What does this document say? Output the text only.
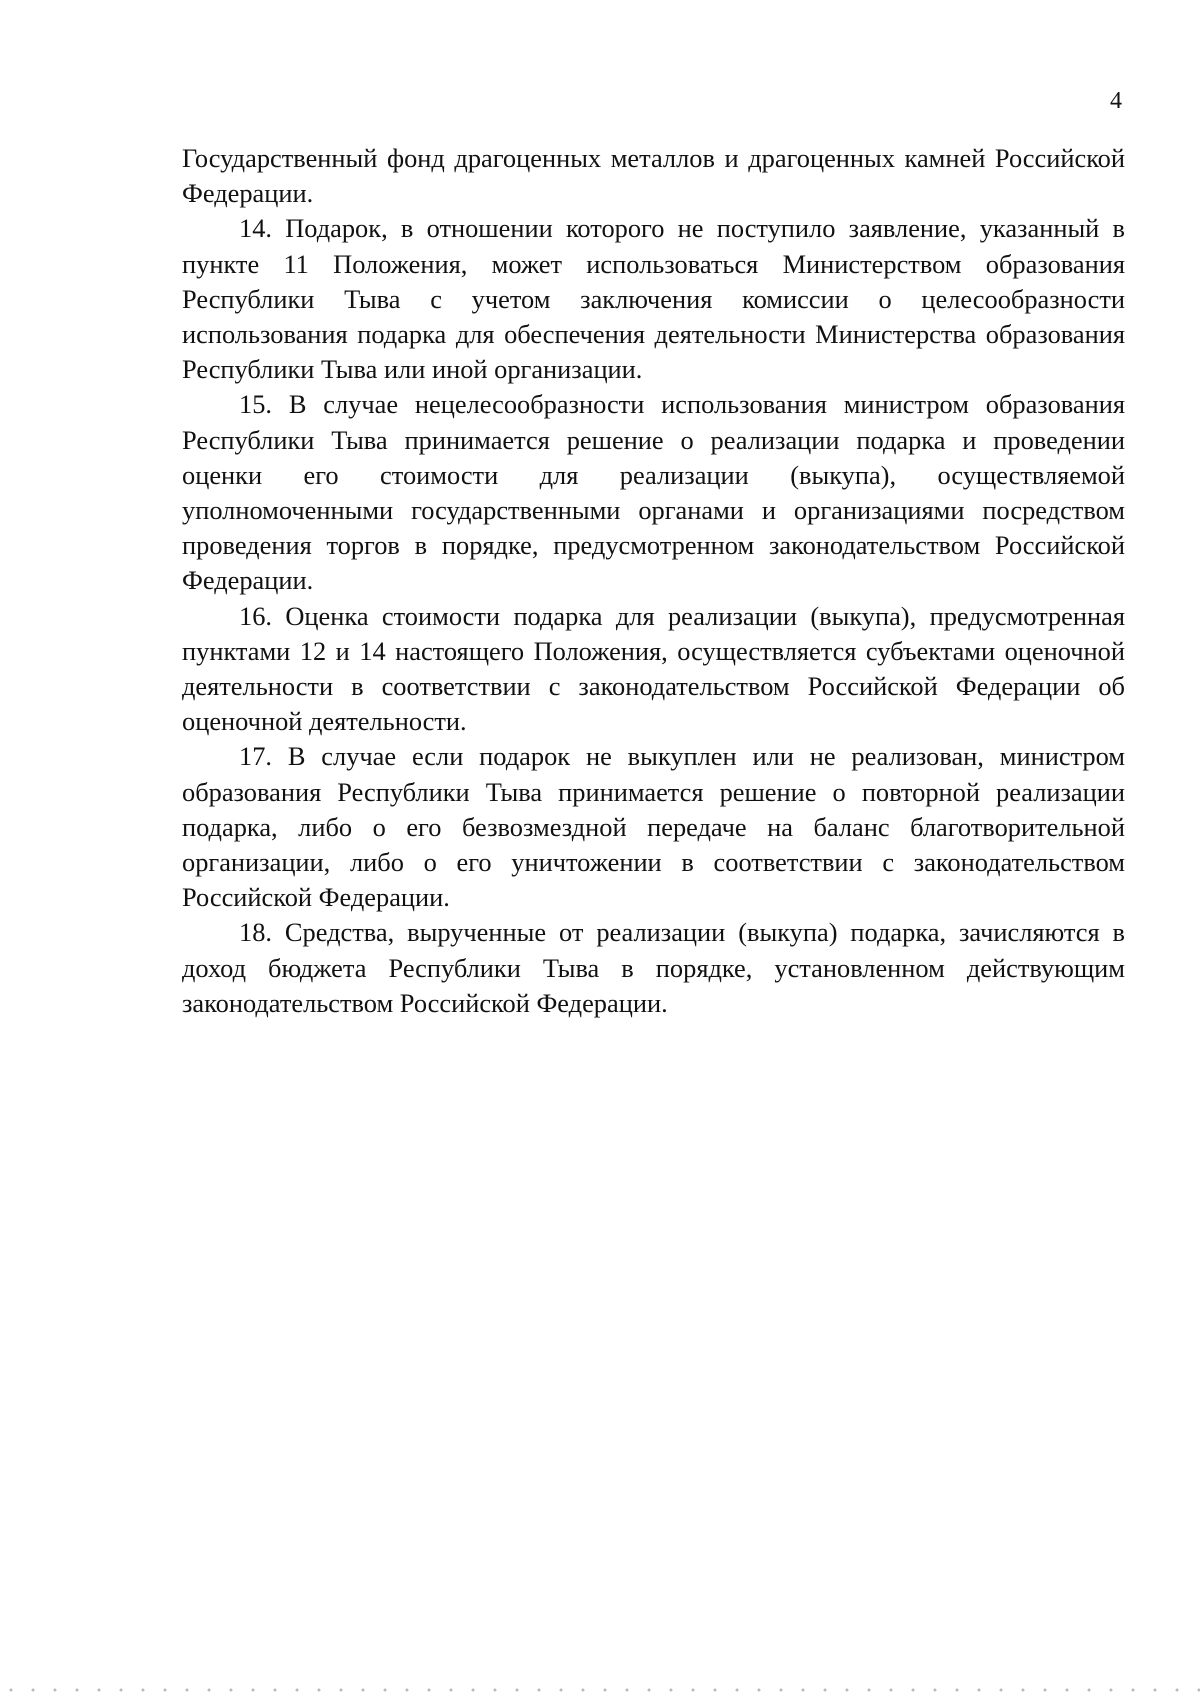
4

Государственный фонд драгоценных металлов и драгоценных камней Российской Федерации.

14. Подарок, в отношении которого не поступило заявление, указанный в пункте 11 Положения, может использоваться Министерством образования Республики Тыва с учетом заключения комиссии о целесообразности использования подарка для обеспечения деятельности Министерства образования Республики Тыва или иной организации.

15. В случае нецелесообразности использования министром образования Республики Тыва принимается решение о реализации подарка и проведении оценки его стоимости для реализации (выкупа), осуществляемой уполномоченными государственными органами и организациями посредством проведения торгов в порядке, предусмотренном законодательством Российской Федерации.

16. Оценка стоимости подарка для реализации (выкупа), предусмотренная пунктами 12 и 14 настоящего Положения, осуществляется субъектами оценочной деятельности в соответствии с законодательством Российской Федерации об оценочной деятельности.

17. В случае если подарок не выкуплен или не реализован, министром образования Республики Тыва принимается решение о повторной реализации подарка, либо о его безвозмездной передаче на баланс благотворительной организации, либо о его уничтожении в соответствии с законодательством Российской Федерации.

18. Средства, вырученные от реализации (выкупа) подарка, зачисляются в доход бюджета Республики Тыва в порядке, установленном действующим законодательством Российской Федерации.
